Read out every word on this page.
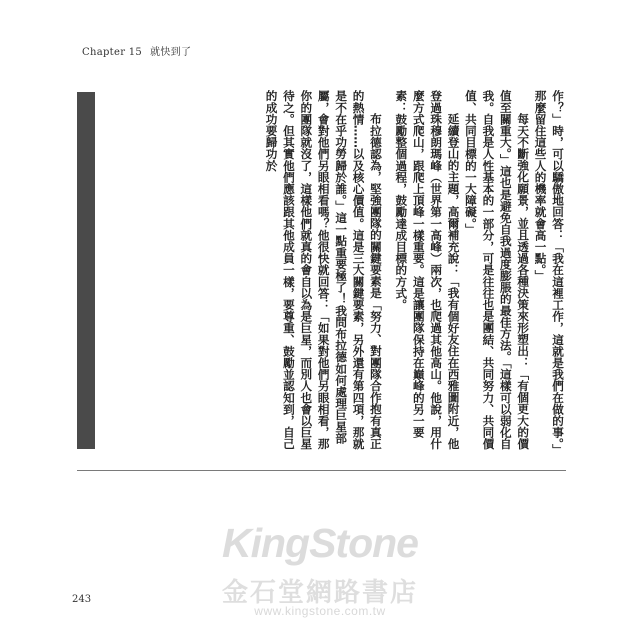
Chapter 15 就快到了

作？」時，可以驕傲地回答：「我在這裡工作，這就是我們在做的事。」那麼留住這些人的機率就會高一點。」

每天不斷強化願景，並且透過各種決策來形塑出：「有個更大的價值至關重大。」這也是避免自我過度膨脹的最佳方法。「這樣可以弱化自我。自我是人性基本的一部分，可是往往也是團結、共同努力、共同價值、共同目標的一大障礙。」

延續登山的主題，高爾補充說：「我有個好友住在西雅圖附近，他登過珠穆朗瑪峰（世界第一高峰）兩次，也爬過其他高山。他說，用什麼方式爬山，跟爬上頂峰一樣重要。這是讓團隊保持在巔峰的另一要素：鼓勵整個過程，鼓勵達成目標的方式。

布拉德認為，堅強團隊的關鍵要素是「努力、對團隊合作抱有真正的熱情……以及核心價值。這是三大關鍵要素，另外還有第四項，那就是不在乎功勞歸於誰。」這一點重要極了！我問布拉德如何處理巨星部屬，會對他們另眼相看嗎？他很快就回答：「如果對他們另眼相看，那你的團隊就沒了，這樣他們就真的會自以為是巨星，而別人也會以巨星待之。但其實他們應該跟其他成員一樣，要尊重、鼓勵並認知到，自己的成功要歸功於

KingStone
金石堂網路書店
www.kingstone.com.tw
243
